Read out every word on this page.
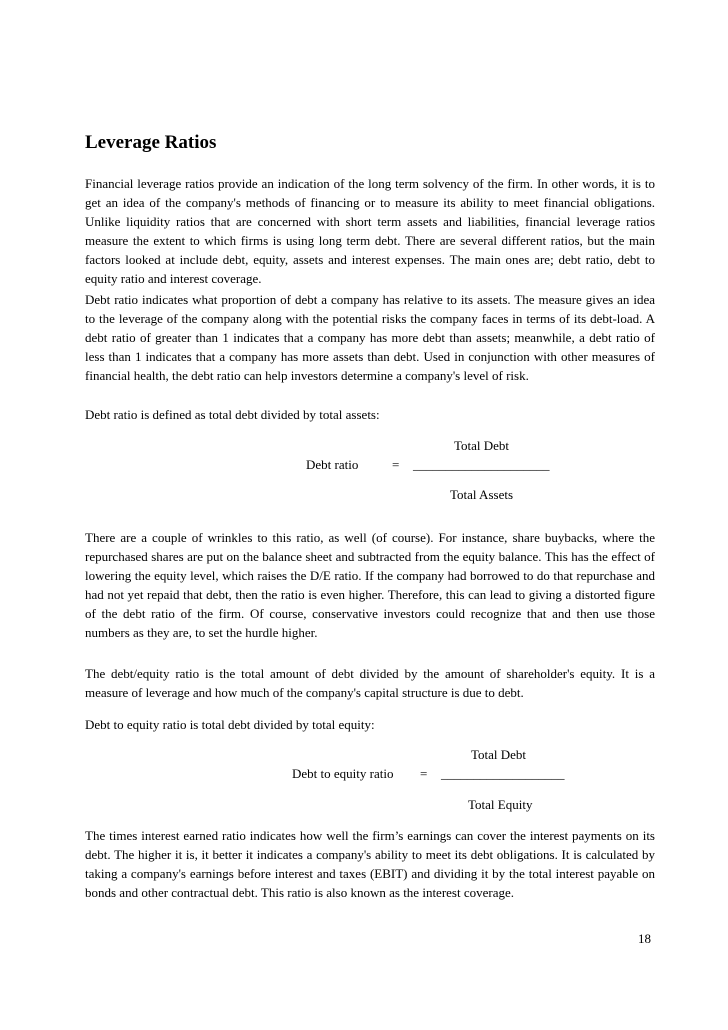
Leverage Ratios

Financial leverage ratios provide an indication of the long term solvency of the firm. In other words, it is to get an idea of the company's methods of financing or to measure its ability to meet financial obligations. Unlike liquidity ratios that are concerned with short term assets and liabilities, financial leverage ratios measure the extent to which firms is using long term debt. There are several different ratios, but the main factors looked at include debt, equity, assets and interest expenses. The main ones are; debt ratio, debt to equity ratio and interest coverage.

Debt ratio indicates what proportion of debt a company has relative to its assets. The measure gives an idea to the leverage of the company along with the potential risks the company faces in terms of its debt-load. A debt ratio of greater than 1 indicates that a company has more debt than assets; meanwhile, a debt ratio of less than 1 indicates that a company has more assets than debt. Used in conjunction with other measures of financial health, the debt ratio can help investors determine a company's level of risk.

Debt ratio is defined as total debt divided by total assets:

Total Debt
Debt ratio	= _____________________
Total Assets

There are a couple of wrinkles to this ratio, as well (of course). For instance, share buybacks, where the repurchased shares are put on the balance sheet and subtracted from the equity balance. This has the effect of lowering the equity level, which raises the D/E ratio. If the company had borrowed to do that repurchase and had not yet repaid that debt, then the ratio is even higher. Therefore, this can lead to giving a distorted figure of the debt ratio of the firm. Of course, conservative investors could recognize that and then use those numbers as they are, to set the hurdle higher.

The debt/equity ratio is the total amount of debt divided by the amount of shareholder's equity. It is a measure of leverage and how much of the company's capital structure is due to debt.

Debt to equity ratio is total debt divided by total equity:

Total Debt
Debt to equity ratio = ___________________
Total Equity

The times interest earned ratio indicates how well the firm’s earnings can cover the interest payments on its debt. The higher it is, it better it indicates a company's ability to meet its debt obligations. It is calculated by taking a company's earnings before interest and taxes (EBIT) and dividing it by the total interest payable on bonds and other contractual debt. This ratio is also known as the interest coverage.

18
